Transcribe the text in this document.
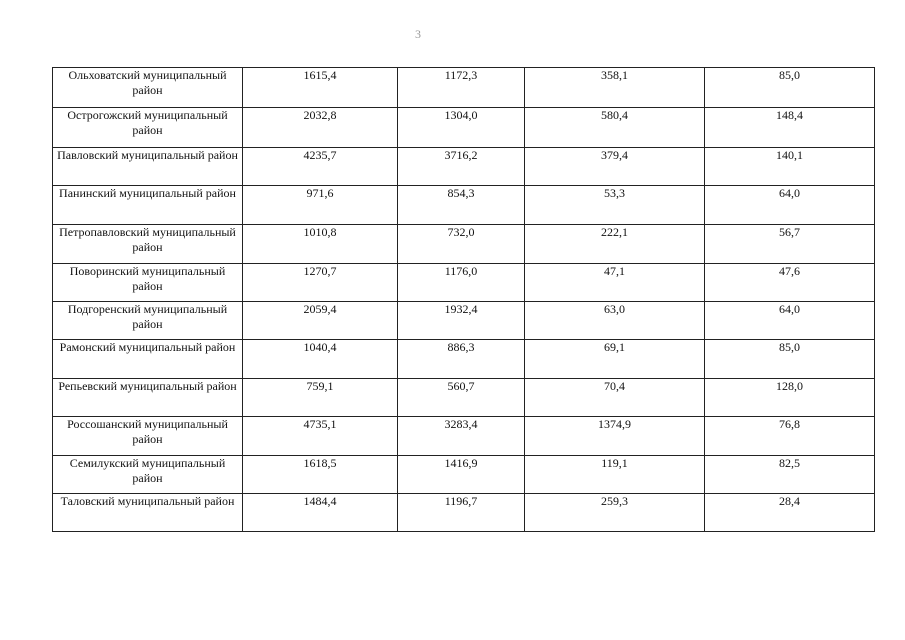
3
Ольховатский муниципальный район	1615,4	1172,3	358,1	85,0
Острогожский муниципальный район	2032,8	1304,0	580,4	148,4
Павловский муниципальный район	4235,7	3716,2	379,4	140,1
Панинский муниципальный район	971,6	854,3	53,3	64,0
Петропавловский муниципальный район	1010,8	732,0	222,1	56,7
Поворинский муниципальный район	1270,7	1176,0	47,1	47,6
Подгоренский муниципальный район	2059,4	1932,4	63,0	64,0
Рамонский муниципальный район	1040,4	886,3	69,1	85,0
Репьевский муниципальный район	759,1	560,7	70,4	128,0
Россошанский муниципальный район	4735,1	3283,4	1374,9	76,8
Семилукский муниципальный район	1618,5	1416,9	119,1	82,5
Таловский муниципальный район	1484,4	1196,7	259,3	28,4
